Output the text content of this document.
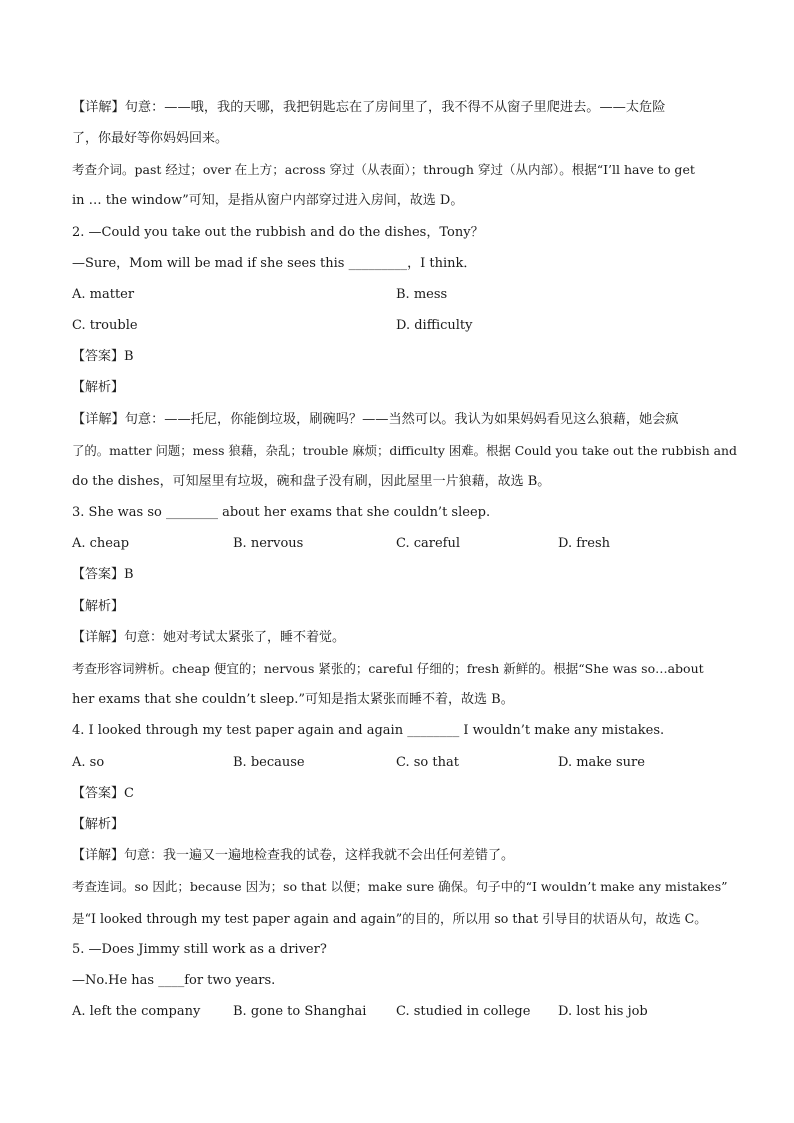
【详解】句意：——哦，我的天哪，我把钥匙忘在了房间里了，我不得不从窗子里爬进去。——太危险
了，你最好等你妈妈回来。
考查介词。past 经过；over 在上方；across 穿过（从表面）；through 穿过（从内部）。根据“I’ll have to get
in … the window”可知，是指从窗户内部穿过进入房间，故选 D。
2. —Could you take out the rubbish and do the dishes，Tony？
—Sure，Mom will be mad if she sees this _________，I think．
A. matter	B. mess
C. trouble	D. difficulty
【答案】B
【解析】
【详解】句意：——托尼，你能倒垃圾，刷碗吗？——当然可以。我认为如果妈妈看见这么狼藉，她会疯
了的。matter 问题；mess 狼藉，杂乱；trouble 麻烦；difficulty 困难。根据 Could you take out the rubbish and
do the dishes，可知屋里有垃圾，碗和盘子没有刷，因此屋里一片狼藉，故选 B。
3. She was so ________ about her exams that she couldn’t sleep.
A. cheap	B. nervous	C. careful	D. fresh
【答案】B
【解析】
【详解】句意：她对考试太紧张了，睡不着觉。
考查形容词辨析。cheap 便宜的；nervous 紧张的；careful 仔细的；fresh 新鲜的。根据“She was so…about
her exams that she couldn’t sleep.”可知是指太紧张而睡不着，故选 B。
4. I looked through my test paper again and again ________ I wouldn’t make any mistakes.
A. so	B. because	C. so that	D. make sure
【答案】C
【解析】
【详解】句意：我一遍又一遍地检查我的试卷，这样我就不会出任何差错了。
考查连词。so 因此；because 因为；so that 以便；make sure 确保。句子中的“I wouldn’t make any mistakes”
是“I looked through my test paper again and again”的目的，所以用 so that 引导目的状语从句，故选 C。
5. —Does Jimmy still work as a driver?
—No.He has ____for two years.
A. left the company	B. gone to Shanghai C. studied in college D. lost his job
